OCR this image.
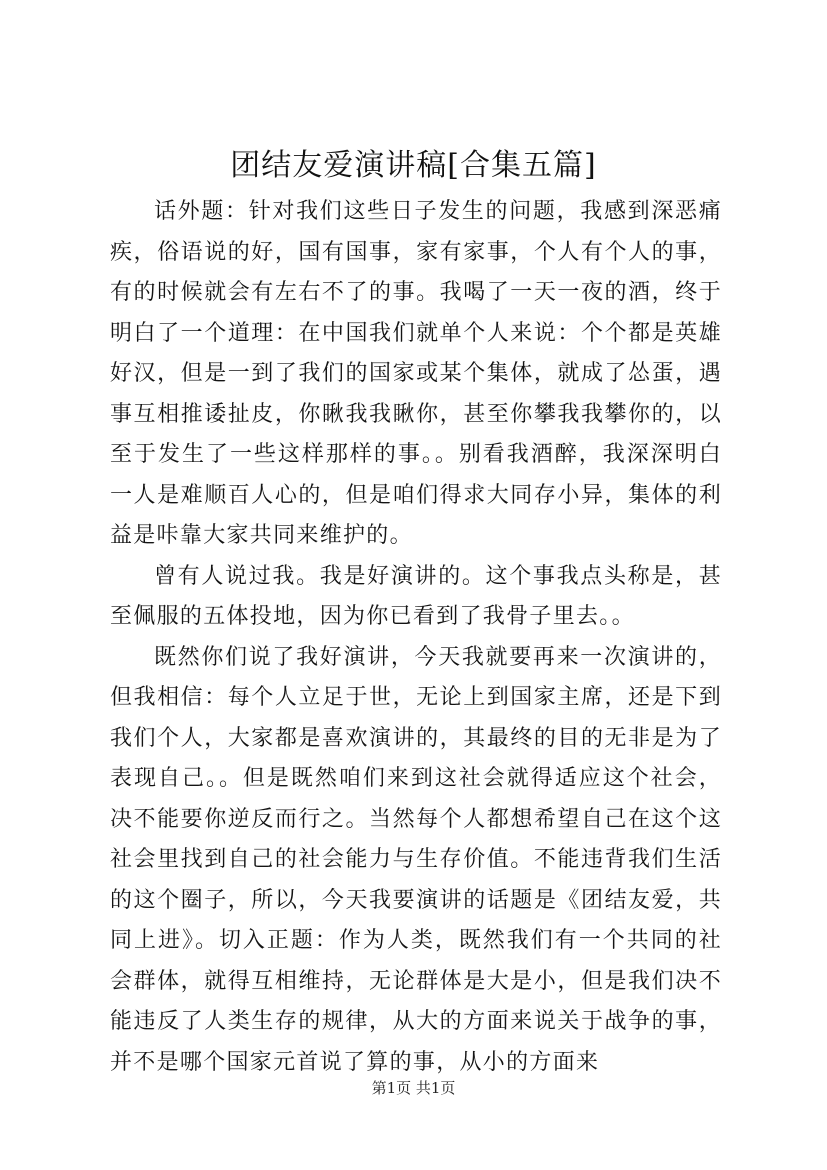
团结友爱演讲稿[合集五篇]

话外题：针对我们这些日子发生的问题，我感到深恶痛疾，俗语说的好，国有国事，家有家事，个人有个人的事，有的时候就会有左右不了的事。我喝了一天一夜的酒，终于明白了一个道理：在中国我们就单个人来说：个个都是英雄好汉，但是一到了我们的国家或某个集体，就成了怂蛋，遇事互相推诿扯皮，你瞅我我瞅你，甚至你攀我我攀你的，以至于发生了一些这样那样的事。。别看我酒醉，我深深明白一人是难顺百人心的，但是咱们得求大同存小异，集体的利益是咔靠大家共同来维护的。

曾有人说过我。我是好演讲的。这个事我点头称是，甚至佩服的五体投地，因为你已看到了我骨子里去。。

既然你们说了我好演讲，今天我就要再来一次演讲的，但我相信：每个人立足于世，无论上到国家主席，还是下到我们个人，大家都是喜欢演讲的，其最终的目的无非是为了表现自己。。但是既然咱们来到这社会就得适应这个社会，决不能要你逆反而行之。当然每个人都想希望自己在这个这社会里找到自己的社会能力与生存价值。不能违背我们生活的这个圈子，所以，今天我要演讲的话题是《团结友爱，共同上进》。切入正题：作为人类，既然我们有一个共同的社会群体，就得互相维持，无论群体是大是小，但是我们决不能违反了人类生存的规律，从大的方面来说关于战争的事，并不是哪个国家元首说了算的事，从小的方面来

第1页 共1页
